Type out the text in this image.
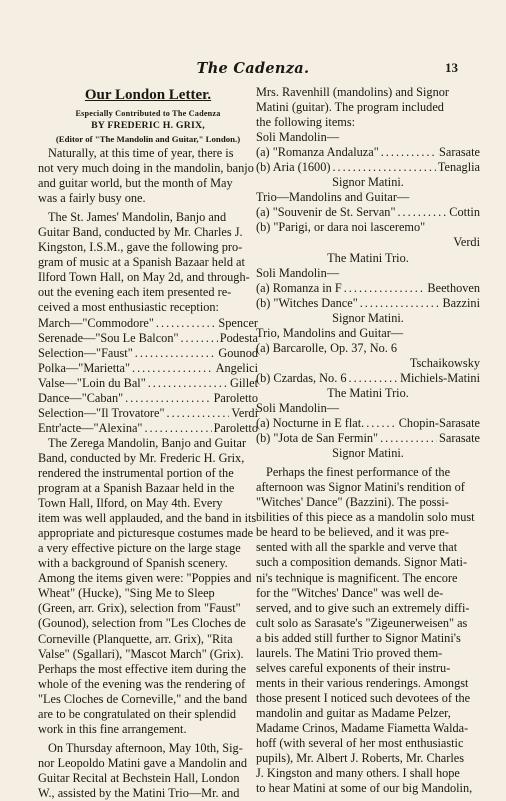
The Cadenza.	13
Our London Letter.
Especially Contributed to The Cadenza
BY FREDERIC H. GRIX,
(Editor of "The Mandolin and Guitar," London.)
Naturally, at this time of year, there is
not very much doing in the mandolin, banjo
and guitar world, but the month of May
was a fairly busy one.
The St. James' Mandolin, Banjo and
Guitar Band, conducted by Mr. Charles J.
Kingston, I.S.M., gave the following pro-
gram of music at a Spanish Bazaar held at
Ilford Town Hall, on May 2d, and through-
out the evening each item presented re-
ceived a most enthusiastic reception:
March—"Commodore" .....	Spencer
Serenade—"Sou Le Balcon" .....	Podesta
Selection—"Faust" .....	Gounod
Polka—"Marietta" .....	Angelici
Valse—"Loin du Bal" .....	Gillet
Dance—"Caban" .....	Paroletto
Selection—"Il Trovatore" .....	Verdi
Entr'acte—"Alexina" .....	Paroletto
The Zerega Mandolin, Banjo and Guitar
Band, conducted by Mr. Frederic H. Grix,
rendered the instrumental portion of the
program at a Spanish Bazaar held in the
Town Hall, Ilford, on May 4th. Every
item was well applauded, and the band in its
appropriate and picturesque costumes made
a very effective picture on the large stage
with a background of Spanish scenery.
Among the items given were: "Poppies and
Wheat" (Hucke), "Sing Me to Sleep
(Green, arr. Grix), selection from "Faust"
(Gounod), selection from "Les Cloches de
Corneville (Planquette, arr. Grix), "Rita
Valse" (Sgallari), "Mascot March" (Grix).
Perhaps the most effective item during the
whole of the evening was the rendering of
"Les Cloches de Corneville," and the band
are to be congratulated on their splendid
work in this fine arrangement.
On Thursday afternoon, May 10th, Sig-
nor Leopoldo Matini gave a Mandolin and
Guitar Recital at Bechstein Hall, London
W., assisted by the Matini Trio—Mr. and
Mrs. Ravenhill (mandolins) and Signor
Matini (guitar). The program included
the following items:
Soli Mandolin—
(a) "Romanza Andaluza" .....	Sarasate
(b) Aria (1600) .....	Tenaglia
Signor Matini.
Trio—Mandolins and Guitar—
(a) "Souvenir de St. Servan" .....	Cottin
(b) "Parigi, or dara noi lasceremo"
Verdi
The Matini Trio.
Soli Mandolin—
(a) Romanza in F .....	Beethoven
(b) "Witches Dance" .....	Bazzini
Signor Matini.
Trio, Mandolins and Guitar—
(a) Barcarolle, Op. 37, No. 6
Tschaikowsky
(b) Czardas, No. 6 .....	Michiels-Matini
The Matini Trio.
Soli Mandolin—
(a) Nocturne in E flat. .....	Chopin-Sarasate
(b) "Jota de San Fermin" .....	Sarasate
Signor Matini.
Perhaps the finest performance of the
afternoon was Signor Matini's rendition of
"Witches' Dance" (Bazzini). The possi-
bilities of this piece as a mandolin solo must
be heard to be believed, and it was pre-
sented with all the sparkle and verve that
such a composition demands. Signor Mati-
ni's technique is magnificent. The encore
for the "Witches' Dance" was well de-
served, and to give such an extremely diffi-
cult solo as Sarasate's "Zigeunerweisen" as
a bis added still further to Signor Matini's
laurels. The Matini Trio proved them-
selves careful exponents of their instru-
ments in their various renderings. Amongst
those present I noticed such devotees of the
mandolin and guitar as Madame Pelzer,
Madame Crinos, Madame Fiametta Walda-
hoff (with several of her most enthusiastic
pupils), Mr. Albert J. Roberts, Mr. Charles
J. Kingston and many others. I shall hope
to hear Matini at some of our big Mandolin,
